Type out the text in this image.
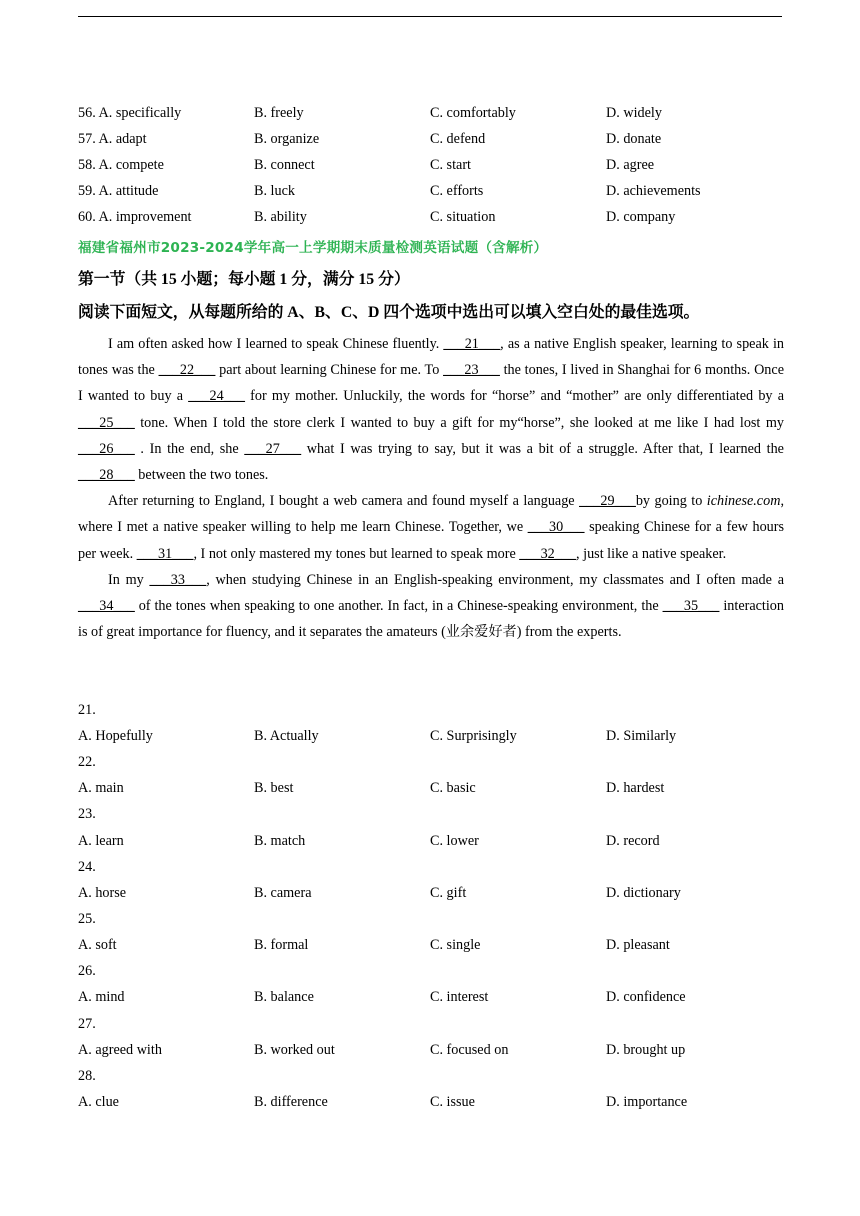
56. A. specifically	B. freely	C. comfortably	D. widely
57. A. adapt	B. organize	C. defend	D. donate
58. A. compete	B. connect	C. start	D. agree
59. A. attitude	B. luck	C. efforts	D. achievements
60. A. improvement	B. ability	C. situation	D. company
福建省福州市2023-2024学年高一上学期期末质量检测英语试题（含解析）
第一节（共 15 小题；每小题 1 分，满分 15 分）
阅读下面短文，从每题所给的 A、B、C、D 四个选项中选出可以填入空白处的最佳选项。

I am often asked how I learned to speak Chinese fluently. ___21___, as a native English speaker, learning to speak in tones was the ___22___ part about learning Chinese for me. To ___23___ the tones, I lived in Shanghai for 6 months. Once I wanted to buy a ___24___ for my mother. Unluckily, the words for “horse” and “mother” are only differentiated by a ___25___ tone. When I told the store clerk I wanted to buy a gift for my“horse”, she looked at me like I had lost my ___26___ . In the end, she ___27___ what I was trying to say, but it was a bit of a struggle. After that, I learned the ___28___ between the two tones.

After returning to England, I bought a web camera and found myself a language ___29___by going to ichinese.com, where I met a native speaker willing to help me learn Chinese. Together, we ___30___ speaking Chinese for a few hours per week. ___31___, I not only mastered my tones but learned to speak more ___32___, just like a native speaker.

In my ___33___, when studying Chinese in an English-speaking environment, my classmates and I often made a ___34___ of the tones when speaking to one another. In fact, in a Chinese-speaking environment, the ___35___ interaction is of great importance for fluency, and it separates the amateurs (业余爱好者) from the experts.

21.
A. Hopefully	B. Actually	C. Surprisingly	D. Similarly
22.
A. main	B. best	C. basic	D. hardest
23.
A. learn	B. match	C. lower	D. record
24.
A. horse	B. camera	C. gift	D. dictionary
25.
A. soft	B. formal	C. single	D. pleasant
26.
A. mind	B. balance	C. interest	D. confidence
27.
A. agreed with	B. worked out	C. focused on	D. brought up
28.
A. clue	B. difference	C. issue	D. importance
